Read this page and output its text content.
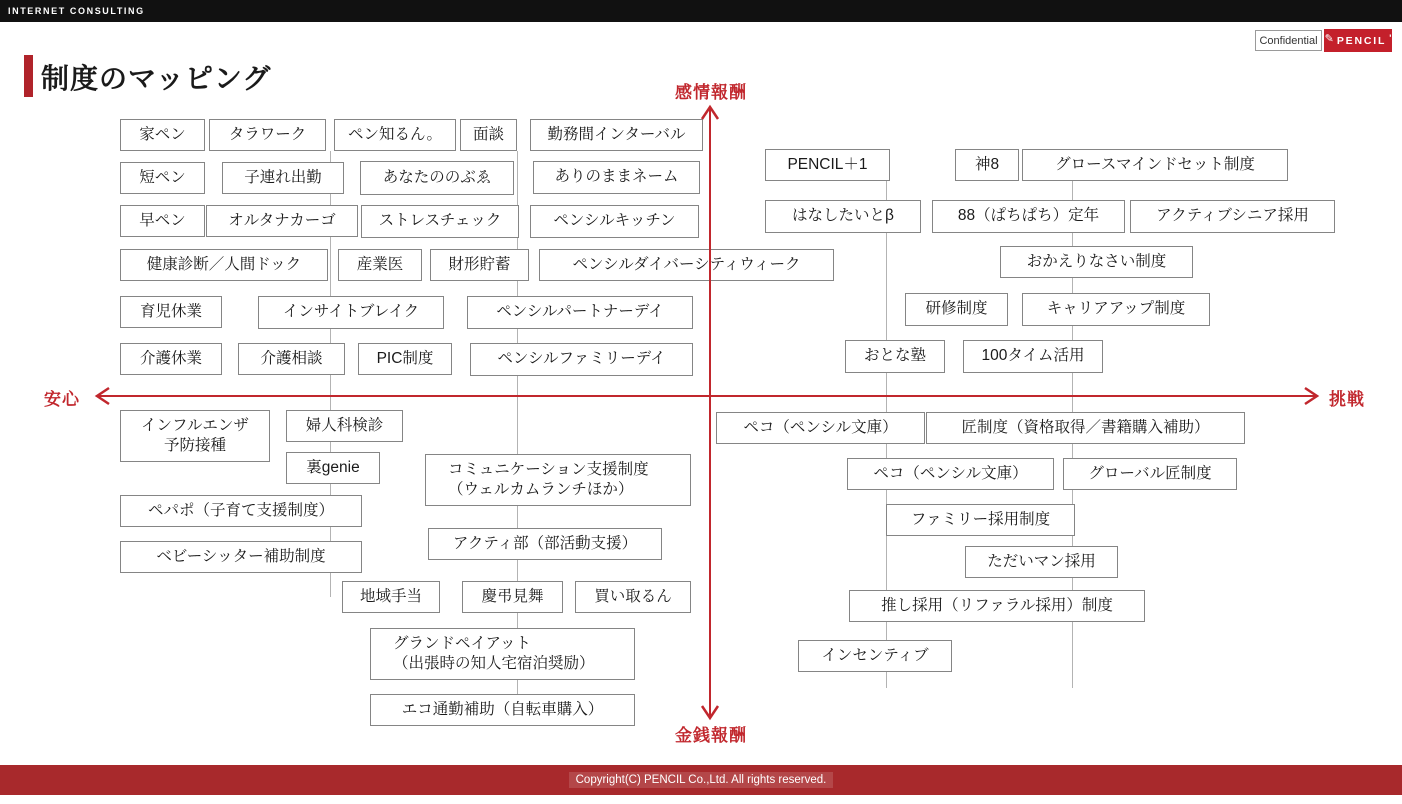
INTERNET CONSULTING
Confidential ✎ PENCIL '
制度のマッピング
家ペン	タラワーク	ペン知るん。 面談	勤務間インターバル
短ペン	子連れ出勤	あなたののぶゑ	ありのままネーム
早ペン	オルタナカーゴ	ストレスチェック	ペンシルキッチン
健康診断／人間ドック	産業医	財形貯蓄	ペンシルダイバーシティウィーク
育児休業	インサイトブレイク	ペンシルパートナーデイ
介護休業	介護相談	PIC制度	ペンシルファミリーデイ
PENCIL＋1	神8	グロースマインドセット制度
はなしたいとβ	88（ぱちぱち）定年	アクティブシニア採用
おかえりなさい制度
研修制度	キャリアアップ制度
おとな塾	100タイム活用
インフルエンザ
予防接種
婦人科検診
裏genie	コミュニケーション支援制度
（ウェルカムランチほか）
ペパポ（子育て支援制度）
アクティ部（部活動支援）
ベビーシッター補助制度
地域手当	慶弔見舞	買い取るん
グランドペイアット
（出張時の知人宅宿泊奨励）
エコ通勤補助（自転車購入）
ペコ（ペンシル文庫）	匠制度（資格取得／書籍購入補助）
ペコ（ペンシル文庫）	グローバル匠制度
ファミリー採用制度
ただいマン採用
推し採用（リファラル採用）制度
インセンティブ
感情報酬
金銭報酬
安心	挑戦
Copyright(C) PENCIL Co.,Ltd. All rights reserved.
